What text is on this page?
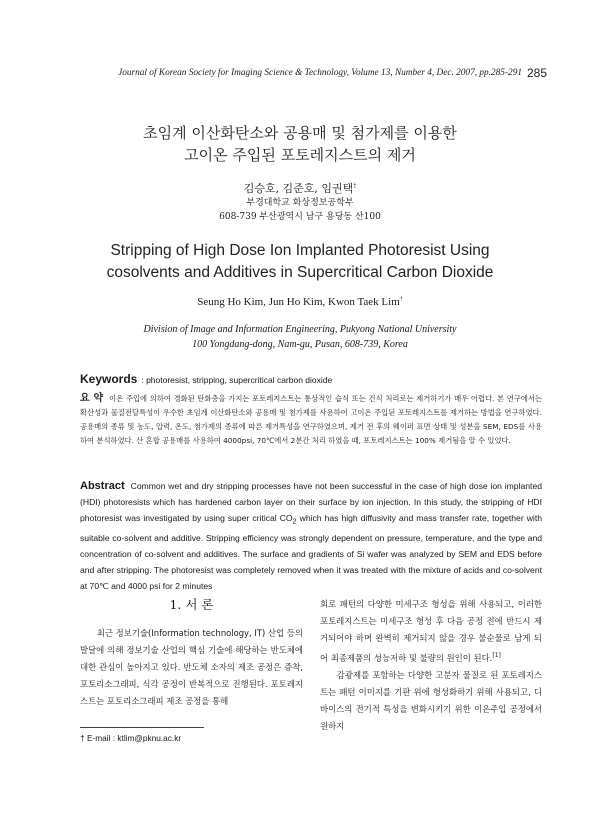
Journal of Korean Society for Imaging Science & Technology, Volume 13, Number 4, Dec. 2007, pp.285-291 285
초임계 이산화탄소와 공용매 및 첨가제를 이용한
고이온 주입된 포토레지스트의 제거
김승호, 김준호, 임권택†
부경대학교 화상정보공학부
608-739 부산광역시 남구 용당동 산100
Stripping of High Dose Ion Implanted Photoresist Using
cosolvents and Additives in Supercritical Carbon Dioxide
Seung Ho Kim, Jun Ho Kim, Kwon Taek Lim†
Division of Image and Information Engineering, Pukyong National University
100 Yongdang-dong, Nam-gu, Pusan, 608-739, Korea
Keywords : photoresist, stripping, supercritical carbon dioxide
요 약 이온 주입에 의하여 경화된 탄화층을 가지는 포토레지스트는 통상적인 습식 또는 건식 처리로는 제거하기가 매우 어렵다. 본 연구에서는 확산성과 물질전달특성이 우수한 초임계 이산화탄소와 공용매 및 첨가제를 사용하여 고이온 주입된 포토레지스트를 제거하는 방법을 연구하였다. 공용매의 종류 및 농도, 압력, 온도, 첨가제의 종류에 따른 제거특성을 연구하였으며, 제거 전 후의 웨이퍼 표면 상태 및 성분을 SEM, EDS를 사용하여 분석하였다. 산 혼합 공용매를 사용하여 4000psi, 70℃에서 2분간 처리 하였을 때, 포토레지스트는 100% 제거됨을 알 수 있었다.
Abstract Common wet and dry stripping processes have not been successful in the case of high dose ion implanted (HDI) photoresists which has hardened carbon layer on their surface by ion injection. In this study, the stripping of HDI photoresist was investigated by using super critical $CO_2$ which has high diffusivity and mass transfer rate, together with suitable co-solvent and additive. Stripping efficiency was strongly dependent on pressure, temperature, and the type and concentration of co-solvent and additives. The surface and gradients of Si wafer was analyzed by SEM and EDS before and after stripping. The photoresist was completely removed when it was treated with the mixture of acids and co-solvent at 70℃ and 4000 psi for 2 minutes
1. 서 론

최근 정보기술(Information technology, IT) 산업 등의 발달에 의해 정보기술 산업의 핵심 기술에 해당하는 반도체에 대한 관심이 높아지고 있다. 반도체 소자의 제조 공정은 증착, 포토리소그래피, 식각 공정이 반복적으로 진행된다. 포토레지스트는 포토리소그래피 제조 공정을 통해

회로 패턴의 다양한 미세구조 형성을 위해 사용되고, 이러한 포토레지스트는 미세구조 형성 후 다음 공정 전에 반드시 제거되어야 하며 완벽히 제거되지 않을 경우 불순물로 남게 되어 최종제품의 성능저하 및 불량의 원인이 된다.[1]

감광제를 포함하는 다양한 고분자 물질로 된 포토레지스트는 패턴 이미지를 기판 위에 형성화하기 위해 사용되고, 디바이스의 전기적 특성을 변화시키기 위한 이온주입 공정에서 원하지

† E-mail : ktlim@pknu.ac.kr
